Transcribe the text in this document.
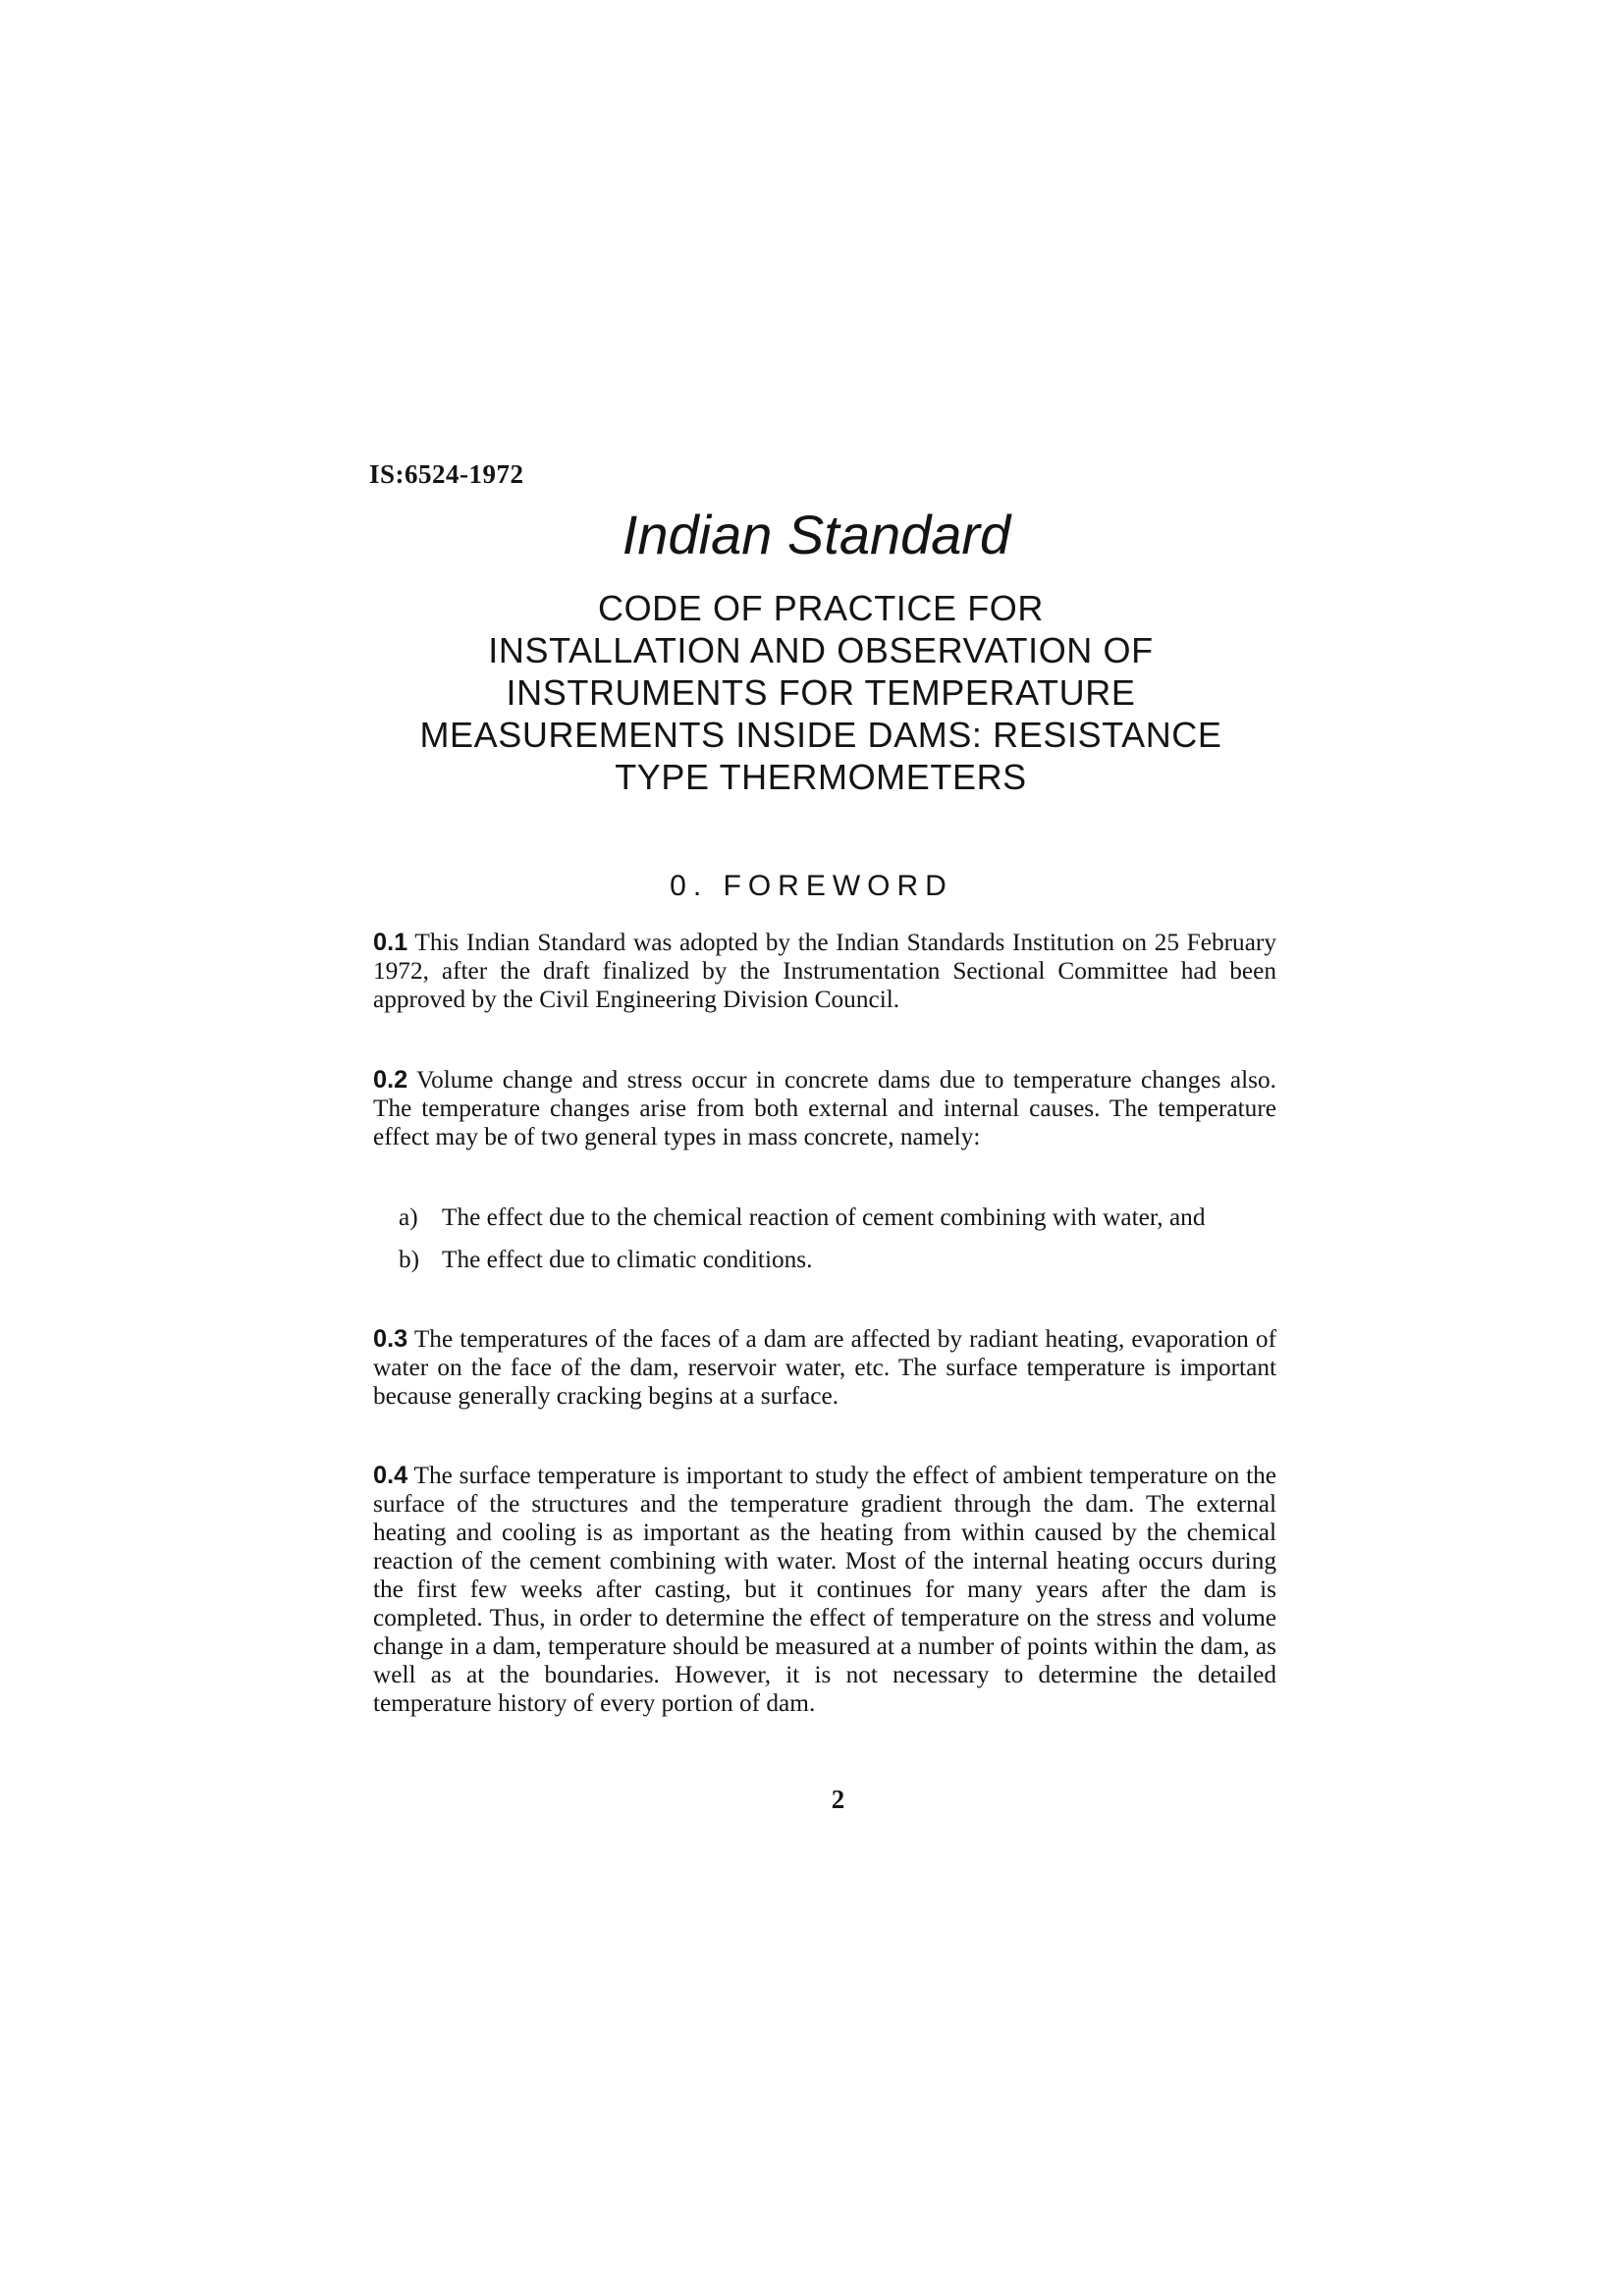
IS:6524-1972
Indian Standard
CODE OF PRACTICE FOR
INSTALLATION AND OBSERVATION OF
INSTRUMENTS FOR TEMPERATURE
MEASUREMENTS INSIDE DAMS: RESISTANCE
TYPE THERMOMETERS
0. FOREWORD
0.1 This Indian Standard was adopted by the Indian Standards Institution on 25 February 1972, after the draft finalized by the Instrumentation Sectional Committee had been approved by the Civil Engineering Division Council.
0.2 Volume change and stress occur in concrete dams due to temperature changes also. The temperature changes arise from both external and internal causes. The temperature effect may be of two general types in mass concrete, namely:
a) The effect due to the chemical reaction of cement combining with water, and
b) The effect due to climatic conditions.
0.3 The temperatures of the faces of a dam are affected by radiant heating, evaporation of water on the face of the dam, reservoir water, etc. The surface temperature is important because generally cracking begins at a surface.
0.4 The surface temperature is important to study the effect of ambient temperature on the surface of the structures and the temperature gradient through the dam. The external heating and cooling is as important as the heating from within caused by the chemical reaction of the cement combining with water. Most of the internal heating occurs during the first few weeks after casting, but it continues for many years after the dam is completed. Thus, in order to determine the effect of temperature on the stress and volume change in a dam, temperature should be measured at a number of points within the dam, as well as at the boundaries. However, it is not necessary to determine the detailed temperature history of every portion of dam.
2
